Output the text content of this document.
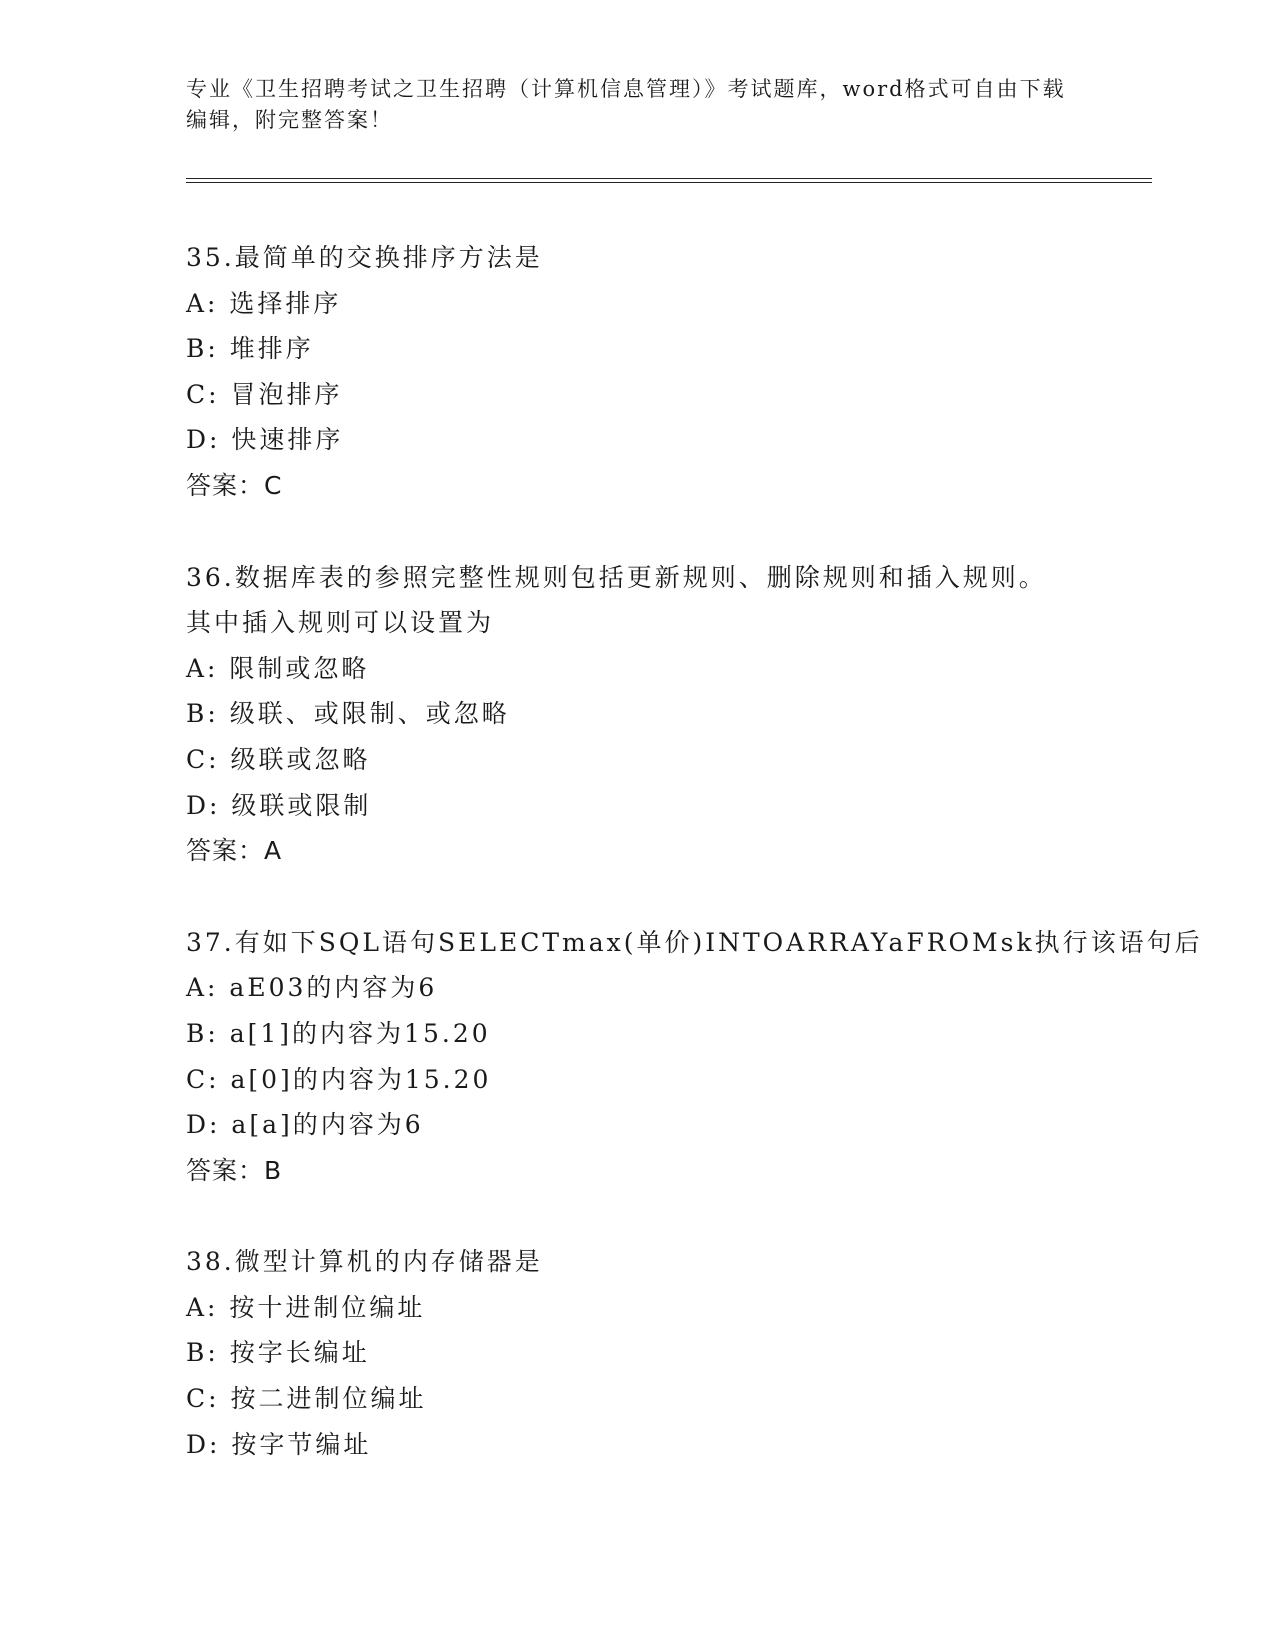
专业《卫生招聘考试之卫生招聘（计算机信息管理）》考试题库，word格式可自由下载编辑，附完整答案！
35.最简单的交换排序方法是
A: 选择排序
B: 堆排序
C: 冒泡排序
D: 快速排序
答案：C
36.数据库表的参照完整性规则包括更新规则、删除规则和插入规则。
其中插入规则可以设置为
A: 限制或忽略
B: 级联、或限制、或忽略
C: 级联或忽略
D: 级联或限制
答案：A
37.有如下SQL语句SELECTmax(单价)INTOARRAYaFROMsk执行该语句后
A: aE03的内容为6
B: a[1]的内容为15.20
C: a[0]的内容为15.20
D: a[a]的内容为6
答案：B
38.微型计算机的内存储器是
A: 按十进制位编址
B: 按字长编址
C: 按二进制位编址
D: 按字节编址
